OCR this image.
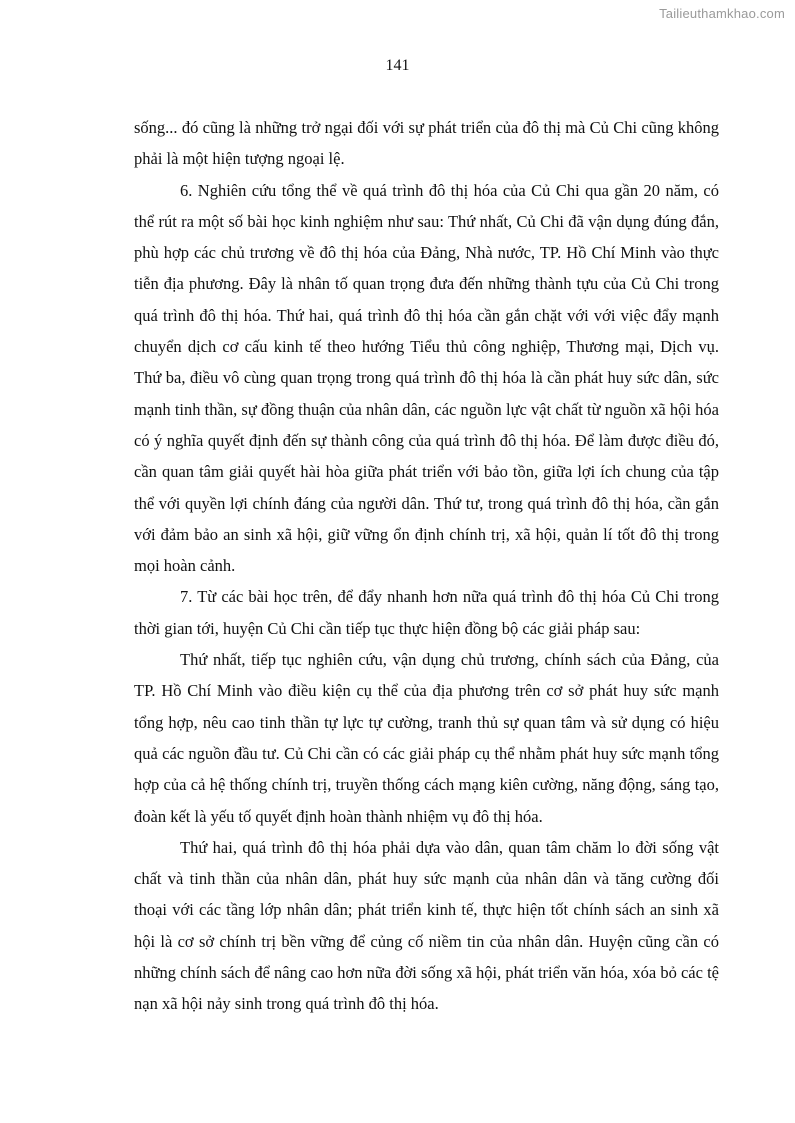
Tailieuthamkhao.com
141

sống... đó cũng là những trở ngại đối với sự phát triển của đô thị mà Củ Chi cũng không phải là một hiện tượng ngoại lệ.

6. Nghiên cứu tổng thể về quá trình đô thị hóa của Củ Chi qua gần 20 năm, có thể rút ra một số bài học kinh nghiệm như sau: Thứ nhất, Củ Chi đã vận dụng đúng đắn, phù hợp các chủ trương về đô thị hóa của Đảng, Nhà nước, TP. Hồ Chí Minh vào thực tiễn địa phương. Đây là nhân tố quan trọng đưa đến những thành tựu của Củ Chi trong quá trình đô thị hóa. Thứ hai, quá trình đô thị hóa cần gắn chặt với với việc đẩy mạnh chuyển dịch cơ cấu kinh tế theo hướng Tiểu thủ công nghiệp, Thương mại, Dịch vụ. Thứ ba, điều vô cùng quan trọng trong quá trình đô thị hóa là cần phát huy sức dân, sức mạnh tinh thần, sự đồng thuận của nhân dân, các nguồn lực vật chất từ nguồn xã hội hóa có ý nghĩa quyết định đến sự thành công của quá trình đô thị hóa. Để làm được điều đó, cần quan tâm giải quyết hài hòa giữa phát triển với bảo tồn, giữa lợi ích chung của tập thể với quyền lợi chính đáng của người dân. Thứ tư, trong quá trình đô thị hóa, cần gắn với đảm bảo an sinh xã hội, giữ vững ổn định chính trị, xã hội, quản lí tốt đô thị trong mọi hoàn cảnh.

7. Từ các bài học trên, để đẩy nhanh hơn nữa quá trình đô thị hóa Củ Chi trong thời gian tới, huyện Củ Chi cần tiếp tục thực hiện đồng bộ các giải pháp sau:

Thứ nhất, tiếp tục nghiên cứu, vận dụng chủ trương, chính sách của Đảng, của TP. Hồ Chí Minh vào điều kiện cụ thể của địa phương trên cơ sở phát huy sức mạnh tổng hợp, nêu cao tinh thần tự lực tự cường, tranh thủ sự quan tâm và sử dụng có hiệu quả các nguồn đầu tư. Củ Chi cần có các giải pháp cụ thể nhằm phát huy sức mạnh tổng hợp của cả hệ thống chính trị, truyền thống cách mạng kiên cường, năng động, sáng tạo, đoàn kết là yếu tố quyết định hoàn thành nhiệm vụ đô thị hóa.

Thứ hai, quá trình đô thị hóa phải dựa vào dân, quan tâm chăm lo đời sống vật chất và tinh thần của nhân dân, phát huy sức mạnh của nhân dân và tăng cường đối thoại với các tầng lớp nhân dân; phát triển kinh tế, thực hiện tốt chính sách an sinh xã hội là cơ sở chính trị bền vững để củng cố niềm tin của nhân dân. Huyện cũng cần có những chính sách để nâng cao hơn nữa đời sống xã hội, phát triển văn hóa, xóa bỏ các tệ nạn xã hội nảy sinh trong quá trình đô thị hóa.
